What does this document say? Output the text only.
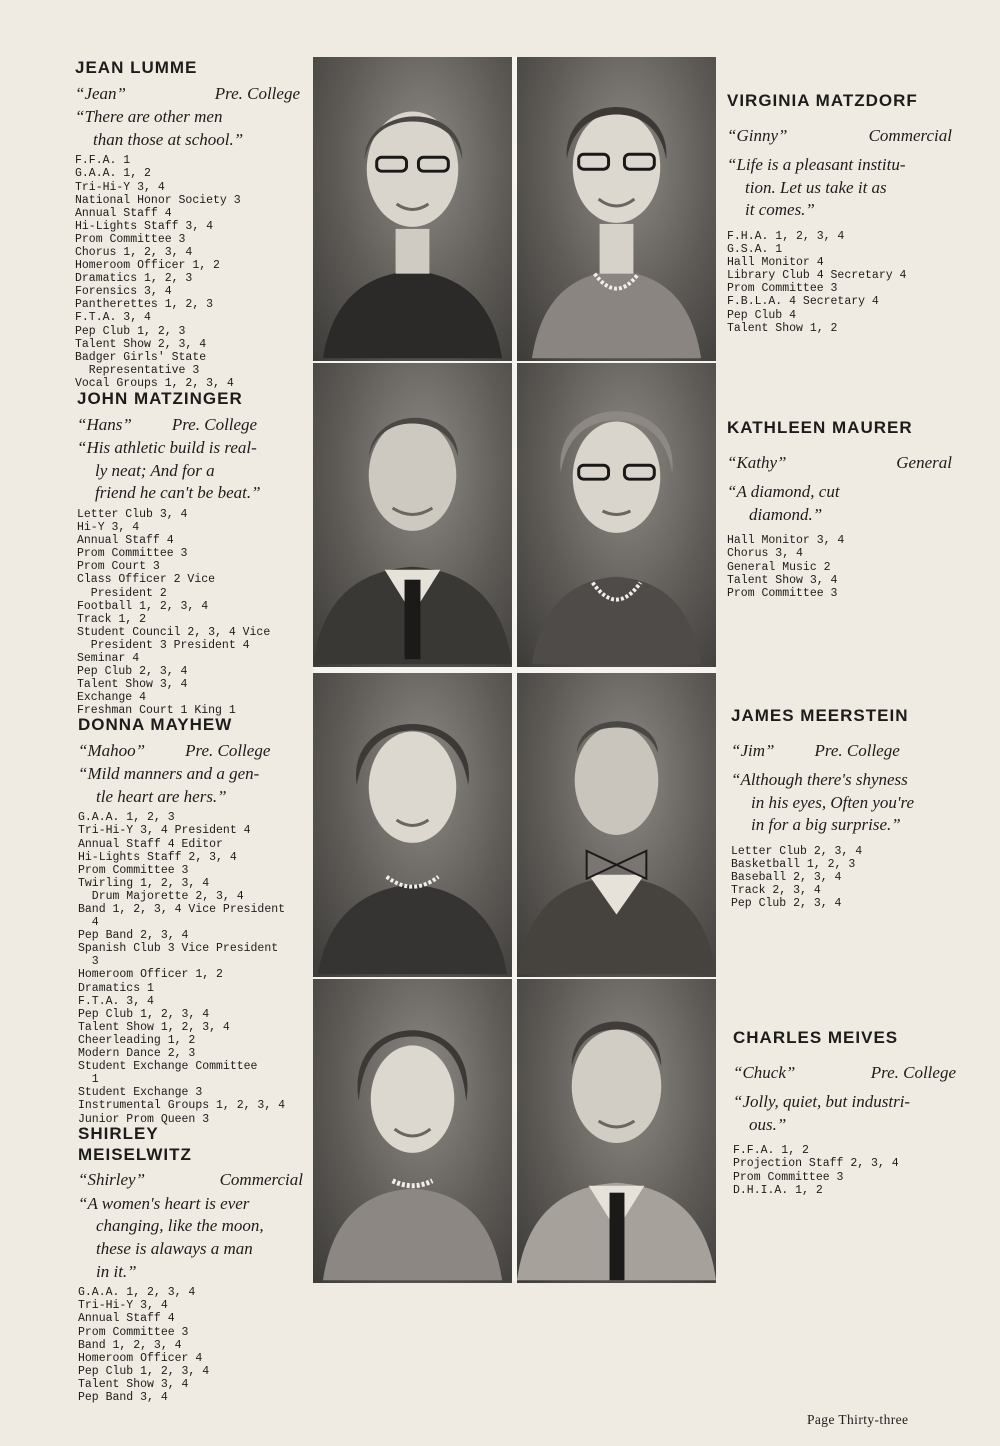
JEAN LUMME
“Jean”	Pre. College
“There are other men
than those at school.”
F.F.A. 1
G.A.A. 1, 2
Tri-Hi-Y 3, 4
National Honor Society 3
Annual Staff 4
Hi-Lights Staff 3, 4
Prom Committee 3
Chorus 1, 2, 3, 4
Homeroom Officer 1, 2
Dramatics 1, 2, 3
Forensics 3, 4
Pantherettes 1, 2, 3
F.T.A. 3, 4
Pep Club 1, 2, 3
Talent Show 2, 3, 4
Badger Girls' State
Representative 3
Vocal Groups 1, 2, 3, 4
JOHN MATZINGER
“Hans” Pre. College
“His athletic build is real-
ly neat; And for a
friend he can't be beat.”
Letter Club 3, 4
Hi-Y 3, 4
Annual Staff 4
Prom Committee 3
Prom Court 3
Class Officer 2 Vice
President 2
Football 1, 2, 3, 4
Track 1, 2
Student Council 2, 3, 4 Vice
President 3 President 4
Seminar 4
Pep Club 2, 3, 4
Talent Show 3, 4
Exchange 4
Freshman Court 1 King 1
DONNA MAYHEW
“Mahoo” Pre. College
“Mild manners and a gen-
tle heart are hers.”
G.A.A. 1, 2, 3
Tri-Hi-Y 3, 4 President 4
Annual Staff 4 Editor
Hi-Lights Staff 2, 3, 4
Prom Committee 3
Twirling 1, 2, 3, 4
Drum Majorette 2, 3, 4
Band 1, 2, 3, 4 Vice President
4
Pep Band 2, 3, 4
Spanish Club 3 Vice President
3
Homeroom Officer 1, 2
Dramatics 1
F.T.A. 3, 4
Pep Club 1, 2, 3, 4
Talent Show 1, 2, 3, 4
Cheerleading 1, 2
Modern Dance 2, 3
Student Exchange Committee
1
Student Exchange 3
Instrumental Groups 1, 2, 3, 4
Junior Prom Queen 3
SHIRLEY
MEISELWITZ
“Shirley”	Commercial
“A women's heart is ever
changing, like the moon,
these is alaways a man
in it.”
G.A.A. 1, 2, 3, 4
Tri-Hi-Y 3, 4
Annual Staff 4
Prom Committee 3
Band 1, 2, 3, 4
Homeroom Officer 4
Pep Club 1, 2, 3, 4
Talent Show 3, 4
Pep Band 3, 4
VIRGINIA MATZDORF
“Ginny”	Commercial
“Life is a pleasant institu-
tion. Let us take it as
it comes.”
F.H.A. 1, 2, 3, 4
G.S.A. 1
Hall Monitor 4
Library Club 4 Secretary 4
Prom Committee 3
F.B.L.A. 4 Secretary 4
Pep Club 4
Talent Show 1, 2
KATHLEEN MAURER
“Kathy”	General
“A diamond, cut
diamond.”
Hall Monitor 3, 4
Chorus 3, 4
General Music 2
Talent Show 3, 4
Prom Committee 3
JAMES MEERSTEIN
“Jim” Pre. College
“Although there's shyness
in his eyes, Often you're
in for a big surprise.”
Letter Club 2, 3, 4
Basketball 1, 2, 3
Baseball 2, 3, 4
Track 2, 3, 4
Pep Club 2, 3, 4
CHARLES MEIVES
“Chuck”	Pre. College
“Jolly, quiet, but industri-
ous.”
F.F.A. 1, 2
Projection Staff 2, 3, 4
Prom Committee 3
D.H.I.A. 1, 2
Page Thirty-three
